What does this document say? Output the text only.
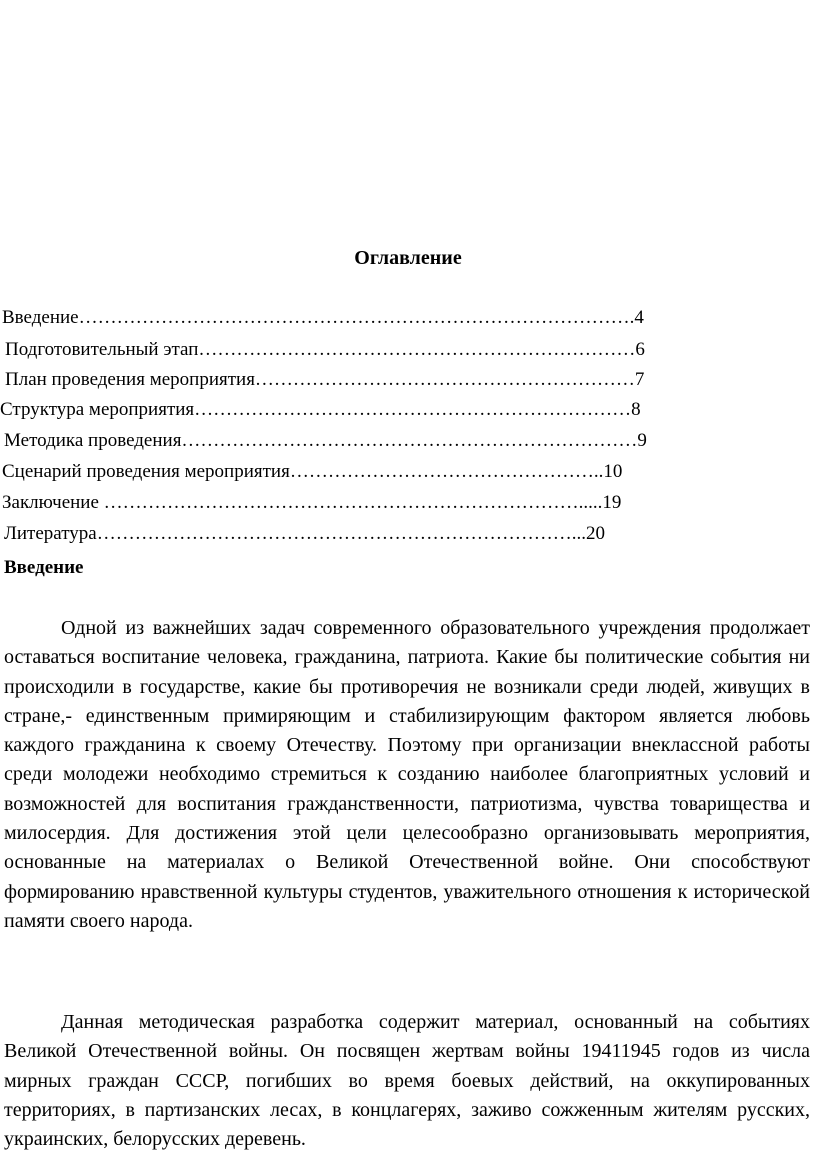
Оглавление
Введение…………………………………………………………………………….4
Подготовительный этап……………………………………………………………6
План проведения мероприятия……………………………………………………7
Структура мероприятия……………………………………………………………8
Методика проведения………………………………………………………………9
Сценарий проведения мероприятия…………………………………………..10
Заключение ………………………………………………………………….....19
Литература…………………………………………………………………...20
Введение

Одной из важнейших задач современного образовательного учреждения продолжает оставаться воспитание человека, гражданина, патриота. Какие бы политические события ни происходили в государстве, какие бы противоречия не возникали среди людей, живущих в стране,- единственным примиряющим и стабилизирующим фактором является любовь каждого гражданина к своему Отечеству. Поэтому при организации внеклассной работы среди молодежи необходимо стремиться к созданию наиболее благоприятных условий и возможностей для воспитания гражданственности, патриотизма, чувства товарищества и милосердия. Для достижения этой цели целесообразно организовывать мероприятия, основанные на материалах о Великой Отечественной войне. Они способствуют формированию нравственной культуры студентов, уважительного отношения к исторической памяти своего народа.

Данная методическая разработка содержит материал, основанный на событиях Великой Отечественной войны. Он посвящен жертвам войны 19411945 годов из числа мирных граждан СССР, погибших во время боевых действий, на оккупированных территориях, в партизанских лесах, в концлагерях, заживо сожженным жителям русских, украинских, белорусских деревень.
